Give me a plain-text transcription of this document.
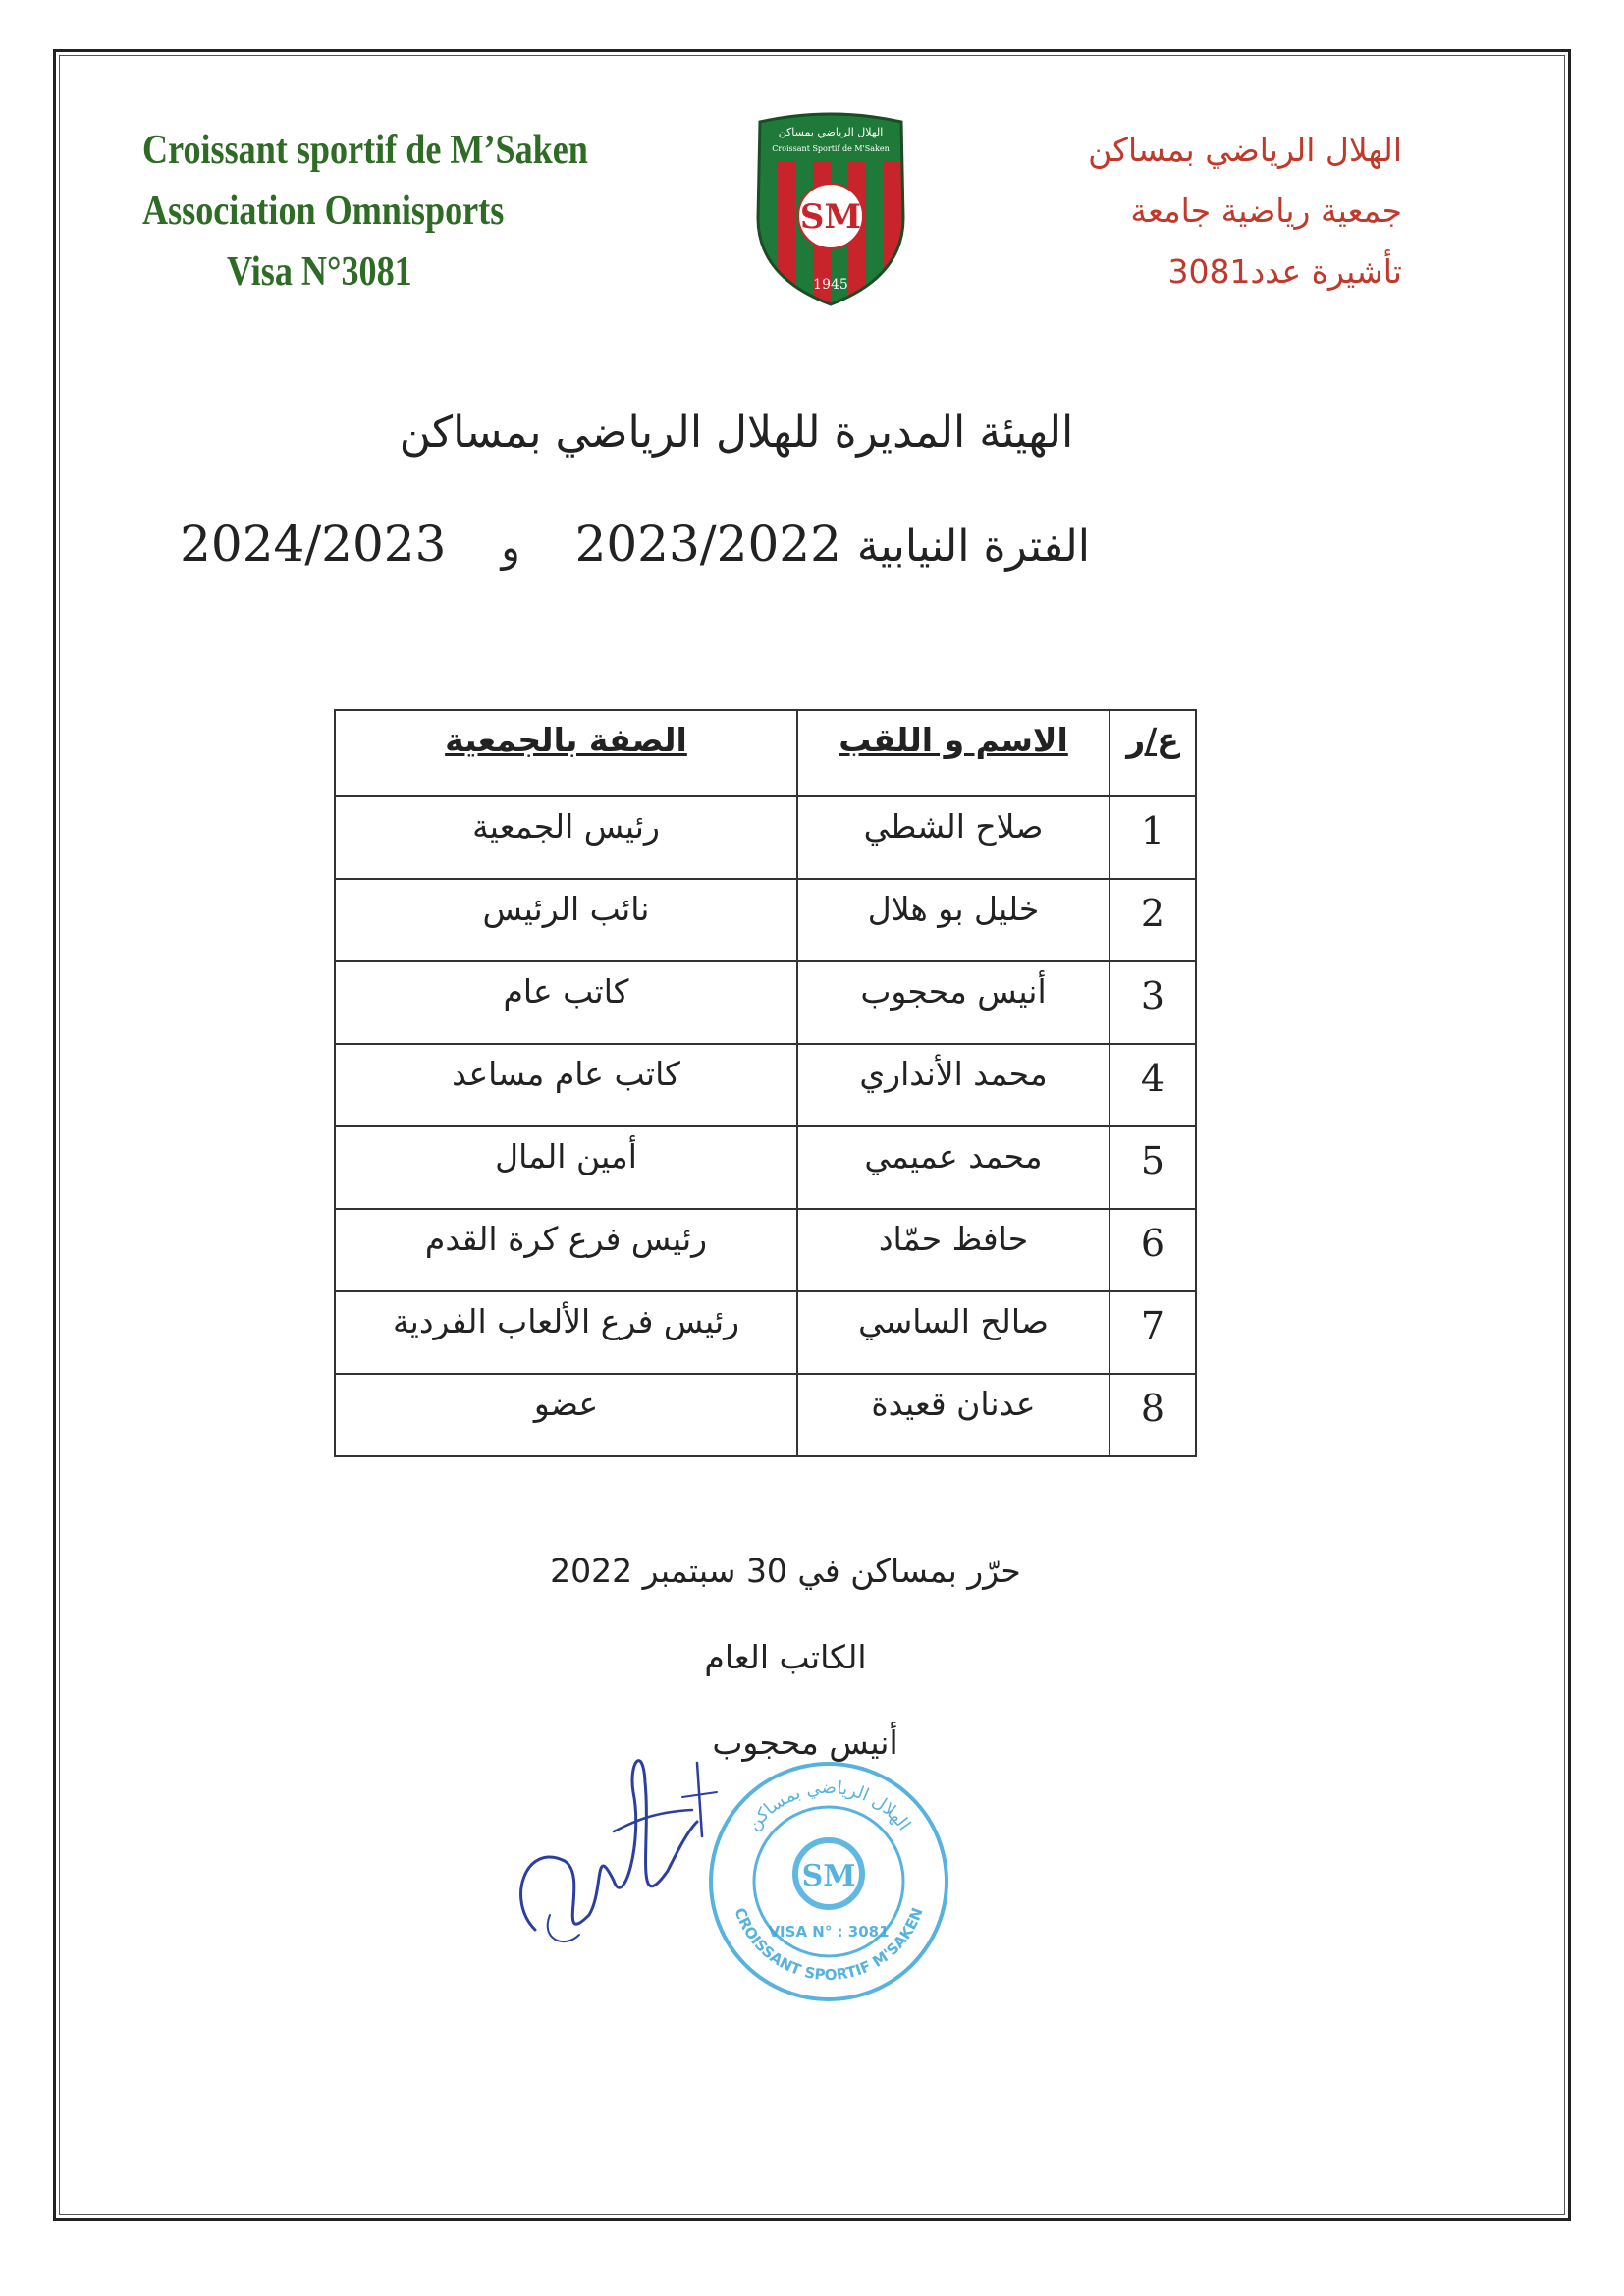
Croissant sportif de M’Saken
Association Omnisports
Visa N°3081
الهلال الرياضي بمساكن
جمعية رياضية جامعة
تأشيرة عدد3081
الهلال الرياضي بمساكن
Croissant Sportif de M'Saken
SM
1945
الهيئة المديرة للهلال الرياضي بمساكن
الفترة النيابية 2023/2022 و 2024/2023
ع/ر	الاسم و اللقب	الصفة بالجمعية
1	صلاح الشطي	رئيس الجمعية
2	خليل بو هلال	نائب الرئيس
3	أنيس محجوب	كاتب عام
4	محمد الأنداري	كاتب عام مساعد
5	محمد عميمي	أمين المال
6	حافظ حمّاد	رئيس فرع كرة القدم
7	صالح الساسي	رئيس فرع الألعاب الفردية
8	عدنان قعيدة	عضو
حرّر بمساكن في 30 سبتمبر 2022
الكاتب العام
أنيس محجوب
الهلال الرياضي بمساكن
CROISSANT SPORTIF M'SAKEN
SM
VISA N° : 3081
